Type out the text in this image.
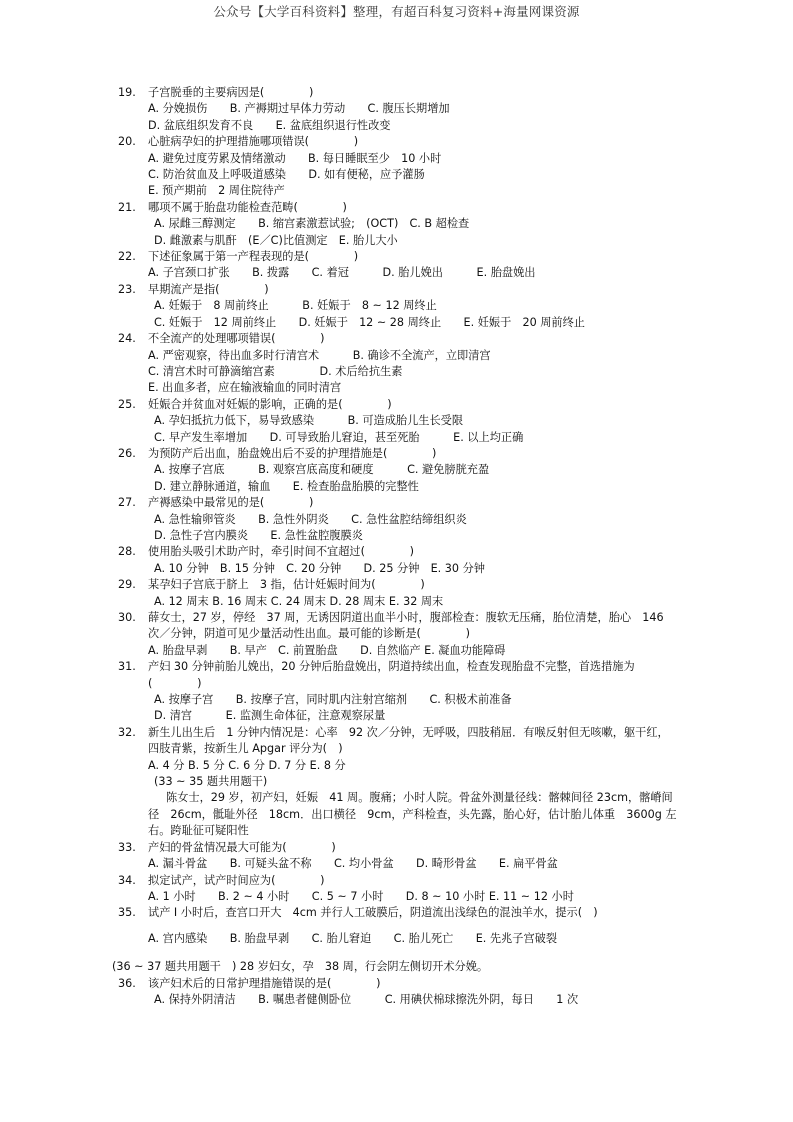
公众号【大学百科资料】整理，有超百科复习资料+海量网课资源
19.	子宫脱垂的主要病因是(　　　　)
A. 分娩损伤　　B. 产褥期过早体力劳动　　C. 腹压长期增加
D. 盆底组织发育不良　　E. 盆底组织退行性改变
20.	心脏病孕妇的护理措施哪项错误(　　　　)
A. 避免过度劳累及情绪激动　　B. 每日睡眠至少　10 小时
C. 防治贫血及上呼吸道感染　　D. 如有便秘，应予灌肠
E. 预产期前　2 周住院待产
21.	哪项不属于胎盘功能检查范畴(　　　　)
A. 尿雌三醇测定　　B. 缩宫素激惹试验;　(OCT)　C. B 超检查
D. 雌激素与肌酐　(E／C)比值测定　E. 胎儿大小
22.	下述征象属于第一产程表现的是(　　　　)
A. 子宫颈口扩张　　B. 拨露　　C. 着冠　　　D. 胎儿娩出　　　E. 胎盘娩出
23.	早期流产是指(　　　　)
A. 妊娠于　8 周前终止　　　B. 妊娠于　8 ~ 12 周终止
C. 妊娠于　12 周前终止　　D. 妊娠于　12 ~ 28 周终止　　E. 妊娠于　20 周前终止
24.	不全流产的处理哪项错误(　　　　)
A. 严密观察，待出血多时行清宫术　　　B. 确诊不全流产，立即清宫
C. 清宫术时可静滴缩宫素　　　　D. 术后给抗生素
E. 出血多者，应在输液输血的同时清宫
25.	妊娠合并贫血对妊娠的影响，正确的是(　　　　)
A. 孕妇抵抗力低下，易导致感染　　　B. 可造成胎儿生长受限
C. 早产发生率增加　　D. 可导致胎儿窘迫，甚至死胎　　　E. 以上均正确
26.	为预防产后出血，胎盘娩出后不妥的护理措施是(　　　　)
A. 按摩子宫底　　　B. 观察宫底高度和硬度　　　C. 避免膀胱充盈
D. 建立静脉通道，输血　　E. 检查胎盘胎膜的完整性
27.	产褥感染中最常见的是(　　　　)
A. 急性输卵管炎　　B. 急性外阴炎　　C. 急性盆腔结缔组织炎
D. 急性子宫内膜炎　　E. 急性盆腔腹膜炎
28.	使用胎头吸引术助产时，牵引时间不宜超过(　　　　)
A. 10 分钟　B. 15 分钟　C. 20 分钟　　D. 25 分钟　E. 30 分钟
29.	某孕妇子宫底于脐上　3 指，估计妊娠时间为(　　　　)
A. 12 周末 B. 16 周末 C. 24 周末 D. 28 周末 E. 32 周末
30.	薛女士，27 岁，停经　37 周，无诱因阴道出血半小时，腹部检查：腹软无压痛，胎位清楚，胎心　146 次／分钟，阴道可见少量活动性出血。最可能的诊断是(　　　　)
A. 胎盘早剥　　B. 早产　C. 前置胎盘　　D. 自然临产 E. 凝血功能障碍
31.	产妇 30 分钟前胎儿娩出，20 分钟后胎盘娩出，阴道持续出血，检查发现胎盘不完整，首选措施为(　　　　)
A. 按摩子宫　　B. 按摩子宫，同时肌内注射宫缩剂　　C. 积极术前准备
D. 清宫　　　E. 监测生命体征，注意观察尿量
32.	新生儿出生后　1 分钟内情况是：心率　92 次／分钟，无呼吸，四肢稍屈．有喉反射但无咳嗽，躯干红，四肢青紫，按新生儿 Apgar 评分为(　)
A. 4 分 B. 5 分 C. 6 分 D. 7 分 E. 8 分
(33 ~ 35 题共用题干)
陈女士，29 岁，初产妇，妊娠　41 周。腹痛；小时人院。骨盆外测量径线：髂棘间径 23cm，髂嵴间径　26cm，骶耻外径　18cm．出口横径　9cm，产科检查，头先露，胎心好，估计胎儿体重　3600g 左右。跨耻征可疑阳性
33.	产妇的骨盆情况最大可能为(　　　　)
A. 漏斗骨盆　　B. 可疑头盆不称　　C. 均小骨盆　　D. 畸形骨盆　　E. 扁平骨盆
34.	拟定试产，试产时间应为(　　　　)
A. 1 小时　　B. 2 ~ 4 小时　　C. 5 ~ 7 小时　　D. 8 ~ 10 小时 E. 11 ~ 12 小时
35.	试产 I 小时后，查宫口开大　4cm 并行人工破膜后，阴道流出浅绿色的混浊羊水，提示(　)
A. 宫内感染　　B. 胎盘早剥　　C. 胎儿窘迫　　C. 胎儿死亡　　E. 先兆子宫破裂
(36 ~ 37 题共用题干　) 28 岁妇女，孕　38 周，行会阴左侧切开术分娩。
36.	该产妇术后的日常护理措施错误的是(　　　　)
A. 保持外阴清洁　　B. 嘱患者健侧卧位　　　C. 用碘伏棉球擦洗外阴，每日　　1 次
